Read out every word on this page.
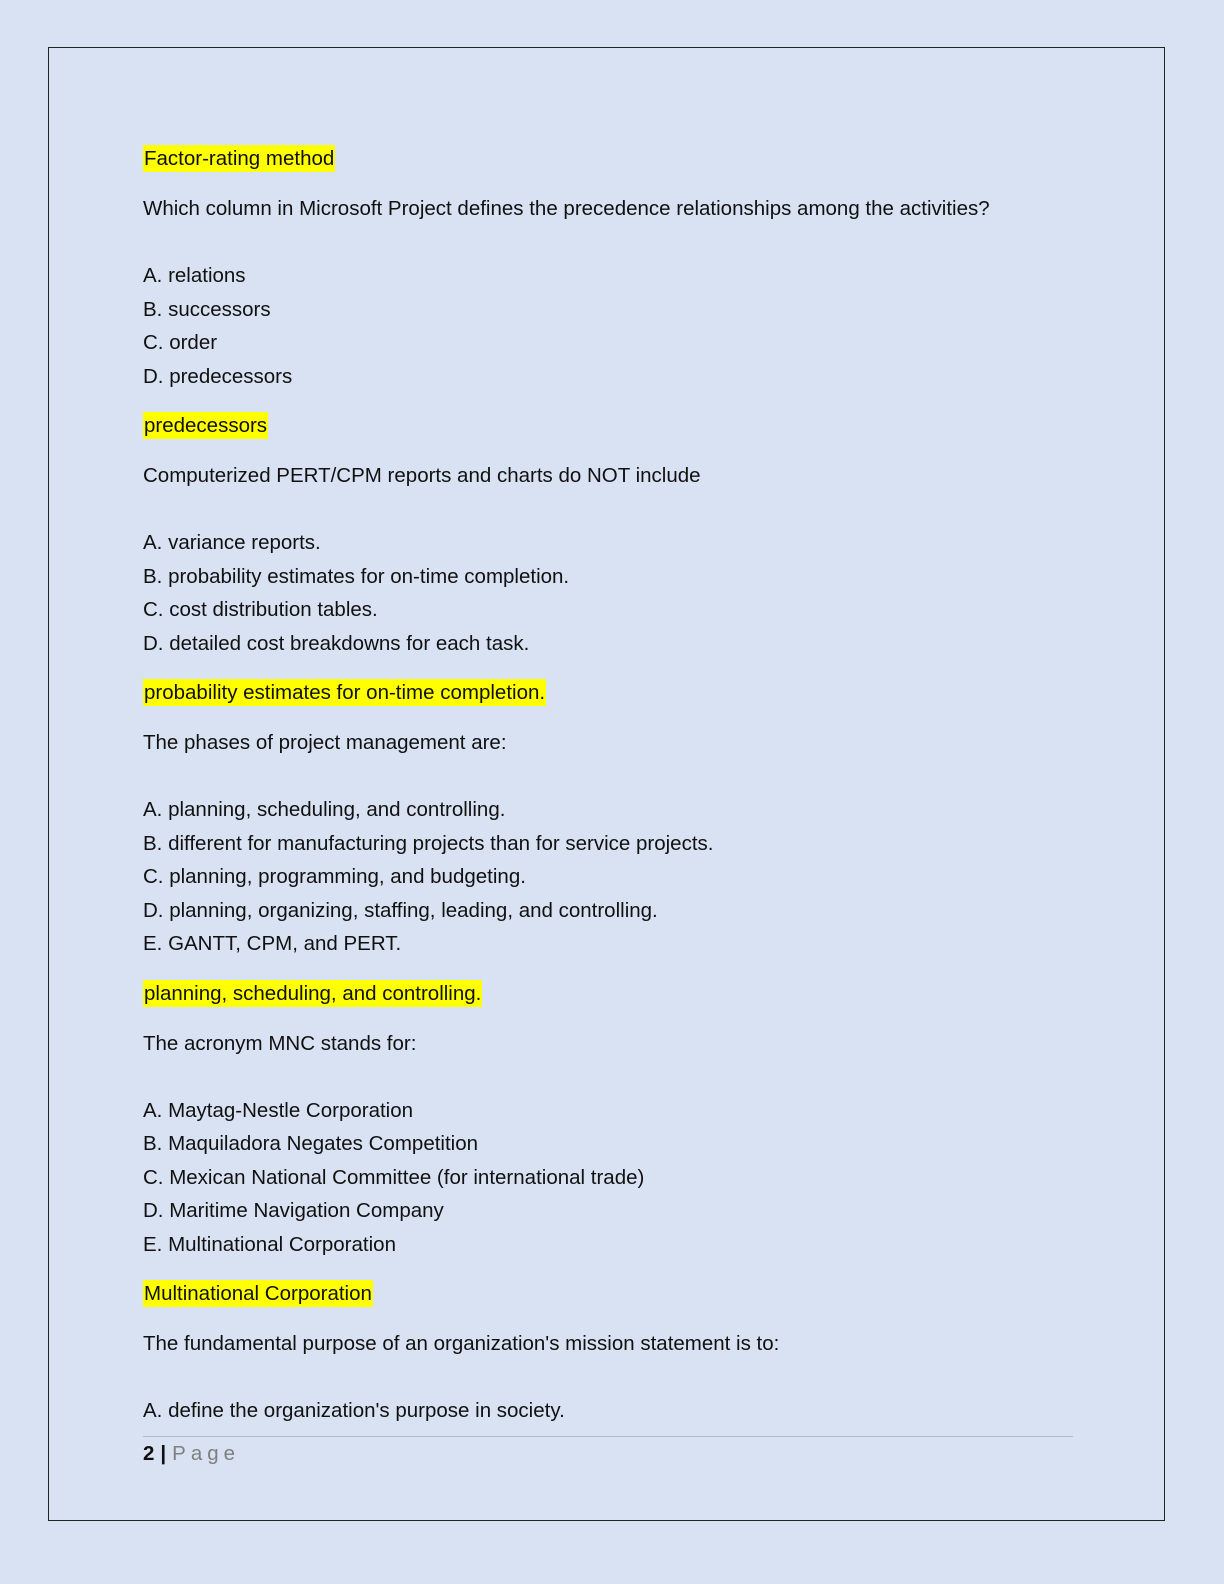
Factor-rating method

Which column in Microsoft Project defines the precedence relationships among the activities?

A. relations
B. successors
C. order
D. predecessors

predecessors

Computerized PERT/CPM reports and charts do NOT include

A. variance reports.
B. probability estimates for on-time completion.
C. cost distribution tables.
D. detailed cost breakdowns for each task.

probability estimates for on-time completion.

The phases of project management are:

A. planning, scheduling, and controlling.
B. different for manufacturing projects than for service projects.
C. planning, programming, and budgeting.
D. planning, organizing, staffing, leading, and controlling.
E. GANTT, CPM, and PERT.

planning, scheduling, and controlling.

The acronym MNC stands for:

A. Maytag-Nestle Corporation
B. Maquiladora Negates Competition
C. Mexican National Committee (for international trade)
D. Maritime Navigation Company
E. Multinational Corporation

Multinational Corporation

The fundamental purpose of an organization's mission statement is to:

A. define the organization's purpose in society.
2 | Page
